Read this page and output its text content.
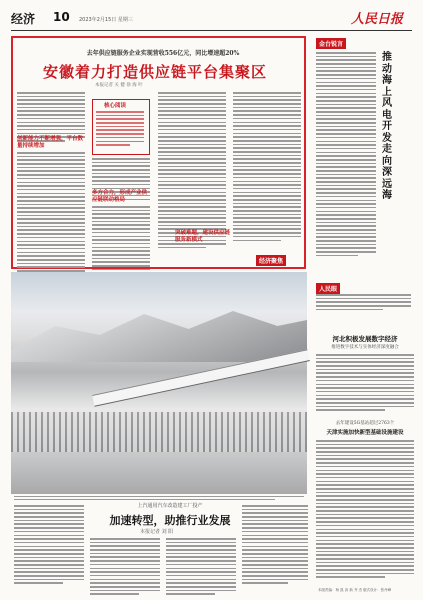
经济 10 2023年2月15日 星期三	人民日报
去年供应链服务企业实现营收556亿元，同比增速超20%
安徽着力打造供应链平台集聚区
本报记者 关 健 徐 海 叶
创新能力不断增强，平台数量持续增加
核心阅读
多方合力，形成产业供应链联动格局
突破难题，建设供应链服务新模式
经济聚焦
金台锐言
推动海上风电开发走向深远海
人民眼
河北积极发展数字经济
推进数字技术与实体经济深度融合
去年建设5G基站超过2763个
天津实施加快新型基础设施建设
上汽通用汽车改造建工厂投产
加速转型，助推行业发展
本报记者 刘 阳
本版责编：杨 凯 高 新 齐 杰 版式设计：张丹峰
